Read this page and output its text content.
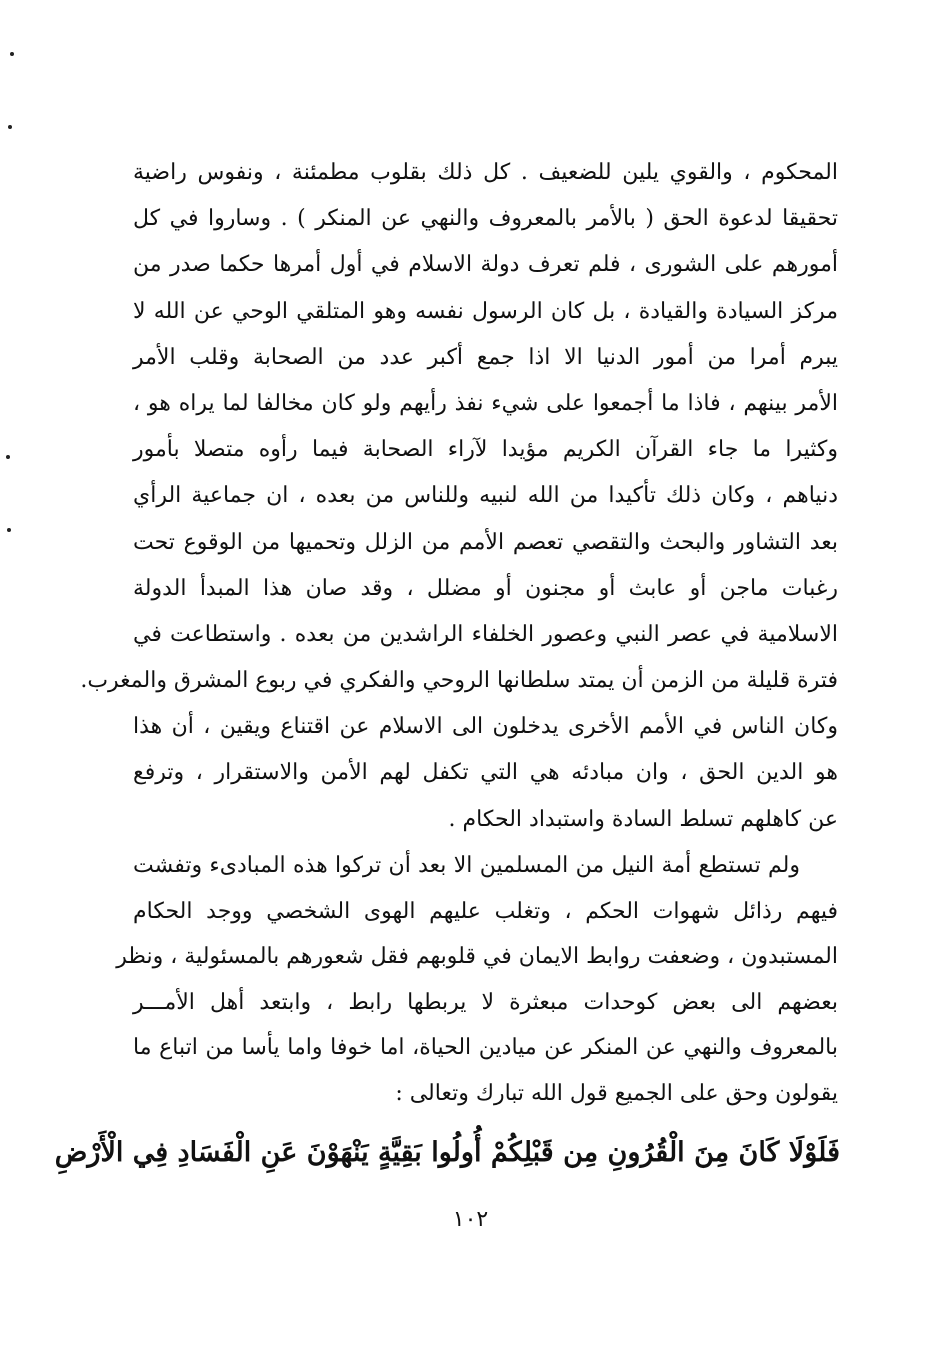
المحكوم ، والقوي يلين للضعيف . كل ذلك بقلوب مطمئنة ، ونفوس راضية
تحقيقا لدعوة الحق ( بالأمر بالمعروف والنهي عن المنكر ) . وساروا في كل
أمورهم على الشورى ، فلم تعرف دولة الاسلام في أول أمرها حكما صدر من
مركز السيادة والقيادة ، بل كان الرسول نفسه وهو المتلقي الوحي عن الله لا
يبرم أمرا من أمور الدنيا الا اذا جمع أكبر عدد من الصحابة وقلب الأمر
الأمر بينهم ، فاذا ما أجمعوا على شيء نفذ رأيهم ولو كان مخالفا لما يراه هو ،
وكثيرا ما جاء القرآن الكريم مؤيدا لآراء الصحابة فيما رأوه متصلا بأمور
دنياهم ، وكان ذلك تأكيدا من الله لنبيه وللناس من بعده ، ان جماعية الرأي
بعد التشاور والبحث والتقصي تعصم الأمم من الزلل وتحميها من الوقوع تحت
رغبات ماجن أو عابث أو مجنون أو مضلل ، وقد صان هذا المبدأ الدولة
الاسلامية في عصر النبي وعصور الخلفاء الراشدين من بعده . واستطاعت في
فترة قليلة من الزمن أن يمتد سلطانها الروحي والفكري في ربوع المشرق والمغرب.
وكان الناس في الأمم الأخرى يدخلون الى الاسلام عن اقتناع ويقين ، أن هذا
هو الدين الحق ، وان مبادئه هي التي تكفل لهم الأمن والاستقرار ، وترفع
عن كاهلهم تسلط السادة واستبداد الحكام .
ولم تستطع أمة النيل من المسلمين الا بعد أن تركوا هذه المبادىء وتفشت
فيهم رذائل شهوات الحكم ، وتغلب عليهم الهوى الشخصي ووجد الحكام
المستبدون ، وضعفت روابط الايمان في قلوبهم فقل شعورهم بالمسئولية ، ونظر
بعضهم الى بعض كوحدات مبعثرة لا يربطها رابط ، وابتعد أهل الأمـــر
بالمعروف والنهي عن المنكر عن ميادين الحياة، اما خوفا واما يأسا من اتباع ما
يقولون وحق على الجميع قول الله تبارك وتعالى :
فَلَوْلَا كَانَ مِنَ الْقُرُونِ مِن قَبْلِكُمْ أُولُوا بَقِيَّةٍ يَنْهَوْنَ عَنِ الْفَسَادِ فِي الْأَرْضِ
١٠٢
